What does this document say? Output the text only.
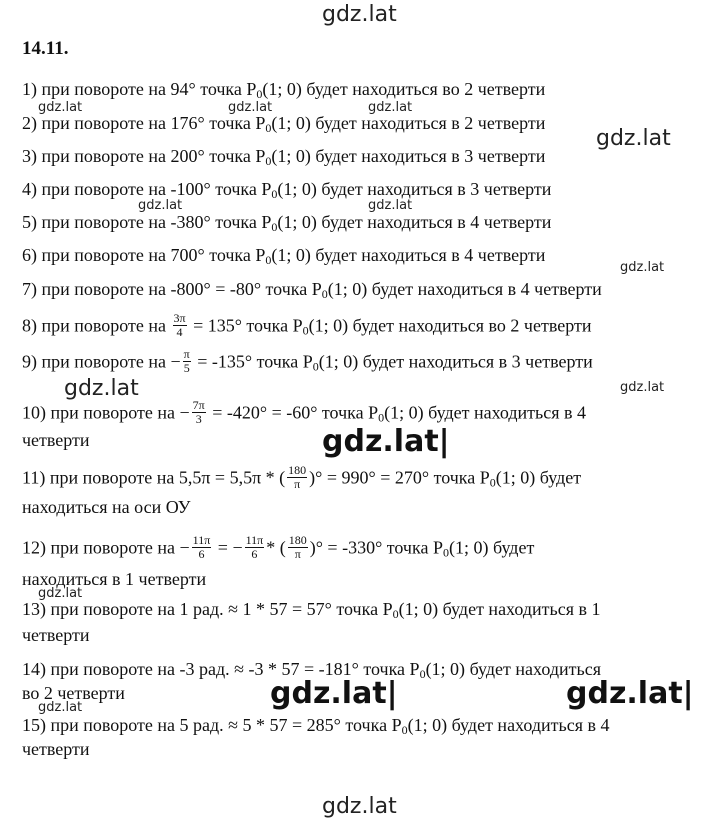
gdz.lat
gdz.lat	gdz.lat	gdz.lat
gdz.lat
gdz.lat	gdz.lat
gdz.lat
gdz.lat	gdz.lat
gdz.lat|
gdz.lat
gdz.lat|	gdz.lat|
gdz.lat
gdz.lat
14.11.
1) при повороте на 94° точка $P_0(1$; 0) будет находиться во 2 четверти
2) при повороте на 176° точка $P_0(1$; 0) будет находиться в 2 четверти
3) при повороте на 200° точка $P_0(1$; 0) будет находиться в 3 четверти
4) при повороте на -100° точка $P_0(1$; 0) будет находиться в 3 четверти
5) при повороте на -380° точка $P_0(1$; 0) будет находиться в 4 четверти
6) при повороте на 700° точка $P_0(1$; 0) будет находиться в 4 четверти
7) при повороте на -800° = -80° точка $P_0(1$; 0) будет находиться в 4 четверти
8) при повороте на $\frac{3\pi}{4} = 135^\circ$ точка $P_0(1$; 0) будет находиться во 2 четверти
9) при повороте на − $\frac{\pi}{5} = -135^\circ$ точка $P_0(1$; 0) будет находиться в 3 четверти
10) при повороте на − $\frac{7\pi}{3} = -420^\circ = -60^\circ$ точка $P_0(1$; 0) будет находиться в 4
четверти
11) при повороте на 5,5π = 5,5π * ( $\frac{180}{\pi}$ )° = 990° = 270° точка $P_0(1$; 0) будет
находиться на оси ОУ
12) при повороте на − $\frac{11\pi}{6}$ = − $\frac{11\pi}{6}$ * ( $\frac{180}{\pi}$ )° = -330° точка $P_0(1$; 0) будет
находиться в 1 четверти
13) при повороте на 1 рад. ≈ 1 * 57 = 57° точка $P_0(1$; 0) будет находиться в 1
четверти
14) при повороте на -3 рад. ≈ -3 * 57 = -181° точка $P_0(1$; 0) будет находиться
во 2 четверти
15) при повороте на 5 рад. ≈ 5 * 57 = 285° точка $P_0(1$; 0) будет находиться в 4
четверти
